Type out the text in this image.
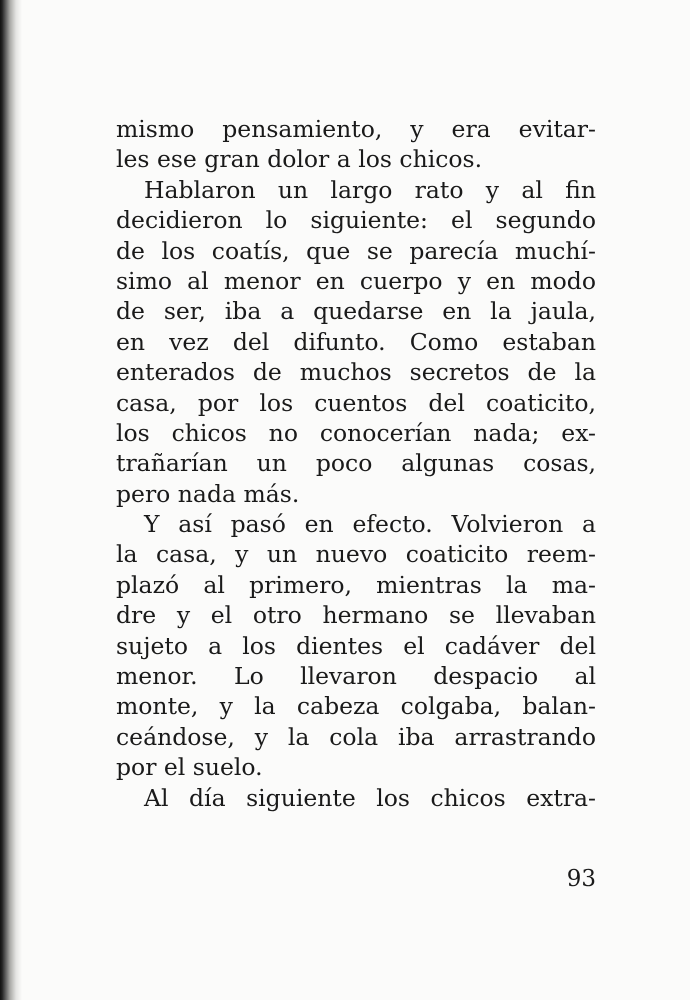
mismo pensamiento, y era evitar-
les ese gran dolor a los chicos.
Hablaron un largo rato y al fin
decidieron lo siguiente: el segundo
de los coatís, que se parecía muchí-
simo al menor en cuerpo y en modo
de ser, iba a quedarse en la jaula,
en vez del difunto. Como estaban
enterados de muchos secretos de la
casa, por los cuentos del coaticito,
los chicos no conocerían nada; ex-
trañarían un poco algunas cosas,
pero nada más.
Y así pasó en efecto. Volvieron a
la casa, y un nuevo coaticito reem-
plazó al primero, mientras la ma-
dre y el otro hermano se llevaban
sujeto a los dientes el cadáver del
menor. Lo llevaron despacio al
monte, y la cabeza colgaba, balan-
ceándose, y la cola iba arrastrando
por el suelo.
Al día siguiente los chicos extra-
93
